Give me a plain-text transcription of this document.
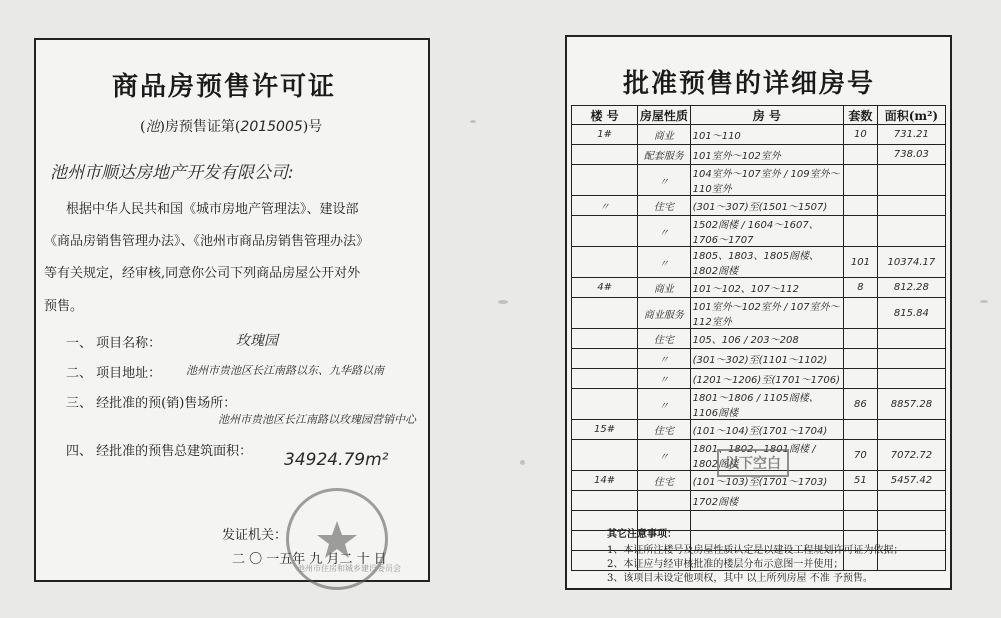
商品房预售许可证
(池)房预售证第(2015005)号
池州市顺达房地产开发有限公司:
根据中华人民共和国《城市房地产管理法》、建设部
《商品房销售管理办法》、《池州市商品房销售管理办法》
等有关规定，经审核,同意你公司下列商品房屋公开对外
预售。
一、 项目名称：	玫瑰园
二、 项目地址： 池州市贵池区长江南路以东、九华路以南
三、 经批准的预(销)售场所：
池州市贵池区长江南路以玫瑰园营销中心
四、 经批准的预售总建筑面积： 34924.79m²
发证机关：
二 〇 一五年 九 月二 十 日
池州市住房和城乡建设委员会
批准预售的详细房号
楼 号	房屋性质	房 号	套数	面积(m²)
1#	商业	101～110	10	731.21
	配套服务	101室外～102室外		738.03
	〃	104室外～107室外 / 109室外～110室外		
〃	住宅	(301～307)至(1501～1507)		
	〃	1502阁楼 / 1604～1607、1706～1707		
	〃	1805、1803、1805阁楼、1802阁楼	101	10374.17
4#	商业	101～102、107～112	8	812.28
	商业服务	101室外～102室外 / 107室外～112室外		815.84
	住宅	105、106 / 203～208		
	〃	(301～302)至(1101～1102)		
	〃	(1201～1206)至(1701～1706)		
	〃	1801～1806 / 1105阁楼、1106阁楼	86	8857.28
15#	住宅	(101～104)至(1701～1704)		
	〃	1801、1802、1801阁楼 / 1802阁楼	70	7072.72
14#	住宅	(101～103)至(1701～1703)	51	5457.42
		1702阁楼		

以下空白
其它注意事项：
1、本证所注楼号及房屋性质认定是以建设工程规划许可证为依据；
2、本证应与经审核批准的楼层分布示意图一并使用；
3、该项目未设定他项权，其中 以上所列房屋 不准 予预售。
